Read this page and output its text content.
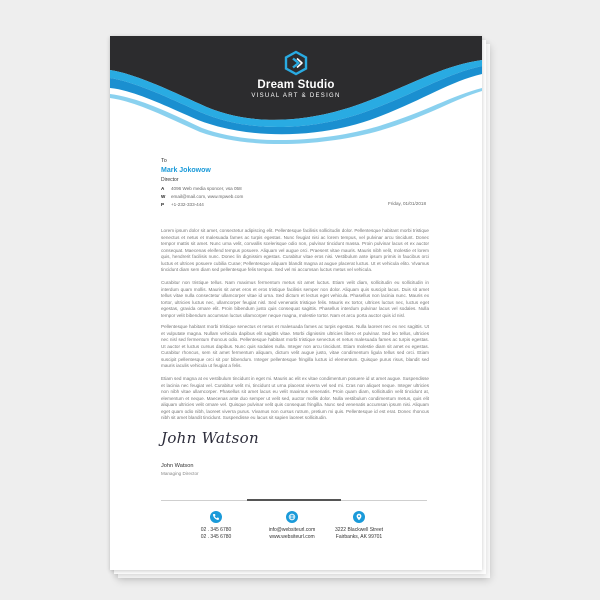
Dream Studio
VISUAL ART & DESIGN
To
Mark Jokowow
Director
A 4096 Web media sponcer, vsa 058
W email@mail.com, www.mpweb.com
P +1-232-333-444	Friday, 01/01/2018

Lorem ipsum dolor sit amet, consectetur adipiscing elit. Pellentesque facilisis sollicitudin dolor. Pellentesque habitant morbi tristique senectus et netus et malesuada fames ac turpis egestas. Nunc feugiat nisi ac lorem tempus, vel pulvinar arcu tincidunt. Donec tempor mattis sit amet. Nunc urna velit, convallis scelerisque odio non, pulvinar tincidunt massa. Proin pulvinar lacus et ex auctor consequat. Maecenas eleifend tempus posuere. Aliquam vel augue orci. Praesent vitae mauris. Mauris nibh velit, molestie et lorem quis, hendrerit facilisis nunc. Donec lin dignissim egestas. Curabitur vitae eros nisi. Vestibulum ante ipsum primis in faucibus orci luctus et ultrices posuere cubilia Curae; Pellentesque aliquam blandit magna at augue placerat luctus. Ut et vehicula elito. Vivamus tincidunt diam sem diam sed pellentesque felis tempus. Sed vel mi accumsan luctus metus vel vehicula.

Curabitur non tristique tellus. Nam maximus fermentum metus sit amet luctus. Etiam velit diam, sollicitudin eu sollicitudin in interdum quam mollis. Mauris sit amet eros et eros tristique facilisis semper non dolor. Aliquam quis suscipit lacus. Duis sit amet tellus vitae nulla consectetur ullamcorper vitae id urna. Sed dictum et lectus eget vehicula. Phasellus non lacinia nunc. Mauris ex tortor, ultricies luctus nec, ullamcorper feugiat nisl. Sed venenatis tristique felis. Mauris ex tortor, ultrices luctus nec, luctus eget egestas, gravida ornare elit. Proin bibendum justo quis consequat sagittis. Phasellus interdum pulvinar lacus vel sodales. Nulla tempor velit bibendum accumsan luctus ullamcorper neque magna, molestie tortor. Nam et arcu porta auctor quis id nisl.

Pellentesque habitant morbi tristique senectus et netus et malesuada fames ac turpis egestas. Nulla laoreet nec ex nec sagittis. Ut et vulputate magna. Nullam vehicula dapibus elit sagittis vitae. Morbi dignissim ultricies libero et pulvinar. Sed leo tellus, ultricies nec nisl sed fermentum rhoncus odio. Pellentesque habitant morbi tristique senectus et netus malesuada fames ac turpis egestas. Ut auctor et luctus cursus dapibus. Nunc quis sodales nulla. Integer non arcu tincidunt. Etiam molestie diam sit amet ex egestas. Curabitur rhoncus, sem sit amet fermentum aliquam, dictum velit augue justo, vitae condimentum ligula tellus sed orci. Etiam suscipit pellentesque orci sit por bibendum. Integer pellentesque fringilla luctus id elementum. Quisque purus risus, blandit sed mauris iaculis vehicula ut feugiat a felis.

Etiam sed magna at ex vestibulum tincidunt in eget mi. Mauris ac elit ex vitae condimentum posuere id ut amet augue. Suspendisse et lacinia nec feugiat vel. Curabitur velit mi, tincidunt ut urna placerat viverra vel sed mi. Cras non aliquet neque. Integer ultricies non nibh vitae ullamcorper. Phasellus sit amet lacus eu velit maximus venenatis. Proin quam diam, sollicitudin velit tincidunt at, elementum et neque. Maecenas ante duo semper ut velit sed, auctor mollis dolor. Nulla vestibulum condimentum metus, quis elit aliquam ultricies velit ornare vel. Quisque pulvinar velit quis consequat fringilla. Nunc sed venenatis accumsan ipsum nisi. Aliquam eget quam odio nibh, laoreet viverra purus. Vivamus non cursus rutrum, pretium mi quis. Pellentesque id est erat. Donec rhoncus nibh sit amet blandit tincidunt. Suspendisse eu lacus sit sapien laoreet sollicitudin.

John Watson
John Watson
Managing Director
02 . 345 6780
02 . 345 6780
info@websiteurl.com
www.websiteurl.com
3222 Blackwell Street
Fairbanks, AK 99701
